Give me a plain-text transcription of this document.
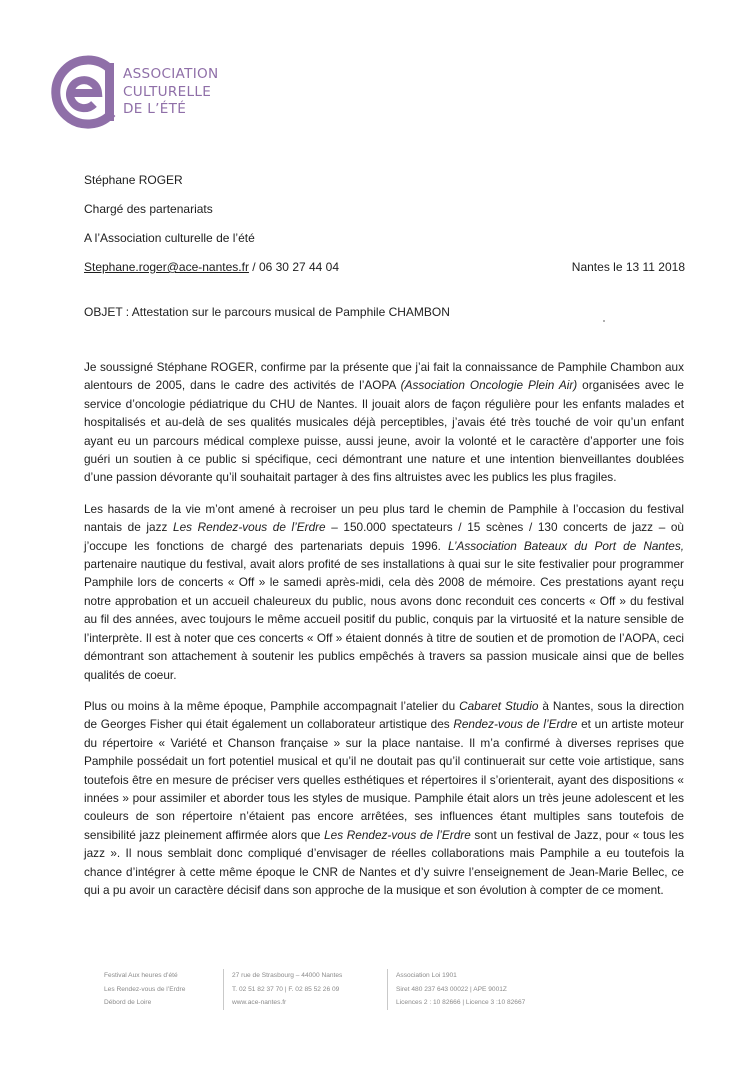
ASSOCIATION
CULTURELLE
DE L’ÉTÉ
Stéphane ROGER
Chargé des partenariats
A l’Association culturelle de l’été
Stephane.roger@ace-nantes.fr / 06 30 27 44 04	Nantes le 13 11 2018
OBJET : Attestation sur le parcours musical de Pamphile CHAMBON

Je soussigné Stéphane ROGER, confirme par la présente que j’ai fait la connaissance de Pamphile Chambon aux alentours de 2005, dans le cadre des activités de l’AOPA (Association Oncologie Plein Air) organisées avec le service d’oncologie pédiatrique du CHU de Nantes. Il jouait alors de façon régulière pour les enfants malades et hospitalisés et au-delà de ses qualités musicales déjà perceptibles, j’avais été très touché de voir qu’un enfant ayant eu un parcours médical complexe puisse, aussi jeune, avoir la volonté et le caractère d’apporter une fois guéri un soutien à ce public si spécifique, ceci démontrant une nature et une intention bienveillantes doublées d’une passion dévorante qu’il souhaitait partager à des fins altruistes avec les publics les plus fragiles.

Les hasards de la vie m’ont amené à recroiser un peu plus tard le chemin de Pamphile à l’occasion du festival nantais de jazz Les Rendez-vous de l’Erdre – 150.000 spectateurs / 15 scènes / 130 concerts de jazz – où j’occupe les fonctions de chargé des partenariats depuis 1996. L’Association Bateaux du Port de Nantes, partenaire nautique du festival, avait alors profité de ses installations à quai sur le site festivalier pour programmer Pamphile lors de concerts « Off » le samedi après-midi, cela dès 2008 de mémoire. Ces prestations ayant reçu notre approbation et un accueil chaleureux du public, nous avons donc reconduit ces concerts « Off » du festival au fil des années, avec toujours le même accueil positif du public, conquis par la virtuosité et la nature sensible de l’interprète. Il est à noter que ces concerts « Off » étaient donnés à titre de soutien et de promotion de l’AOPA, ceci démontrant son attachement à soutenir les publics empêchés à travers sa passion musicale ainsi que de belles qualités de coeur.

Plus ou moins à la même époque, Pamphile accompagnait l’atelier du Cabaret Studio à Nantes, sous la direction de Georges Fisher qui était également un collaborateur artistique des Rendez-vous de l’Erdre et un artiste moteur du répertoire « Variété et Chanson française » sur la place nantaise. Il m’a confirmé à diverses reprises que Pamphile possédait un fort potentiel musical et qu’il ne doutait pas qu’il continuerait sur cette voie artistique, sans toutefois être en mesure de préciser vers quelles esthétiques et répertoires il s’orienterait, ayant des dispositions « innées » pour assimiler et aborder tous les styles de musique. Pamphile était alors un très jeune adolescent et les couleurs de son répertoire n’étaient pas encore arrêtées, ses influences étant multiples sans toutefois de sensibilité jazz pleinement affirmée alors que Les Rendez-vous de l’Erdre sont un festival de Jazz, pour « tous les jazz ». Il nous semblait donc compliqué d’envisager de réelles collaborations mais Pamphile a eu toutefois la chance d’intégrer à cette même époque le CNR de Nantes et d’y suivre l’enseignement de Jean-Marie Bellec, ce qui a pu avoir un caractère décisif dans son approche de la musique et son évolution à compter de ce moment.

Festival Aux heures d’été
Les Rendez-vous de l’Erdre
Débord de Loire
27 rue de Strasbourg – 44000 Nantes
T. 02 51 82 37 70 | F. 02 85 52 26 09
www.ace-nantes.fr
Association Loi 1901
Siret 480 237 643 00022 | APE 9001Z
Licences 2 : 10 82666 | Licence 3 :10 82667
